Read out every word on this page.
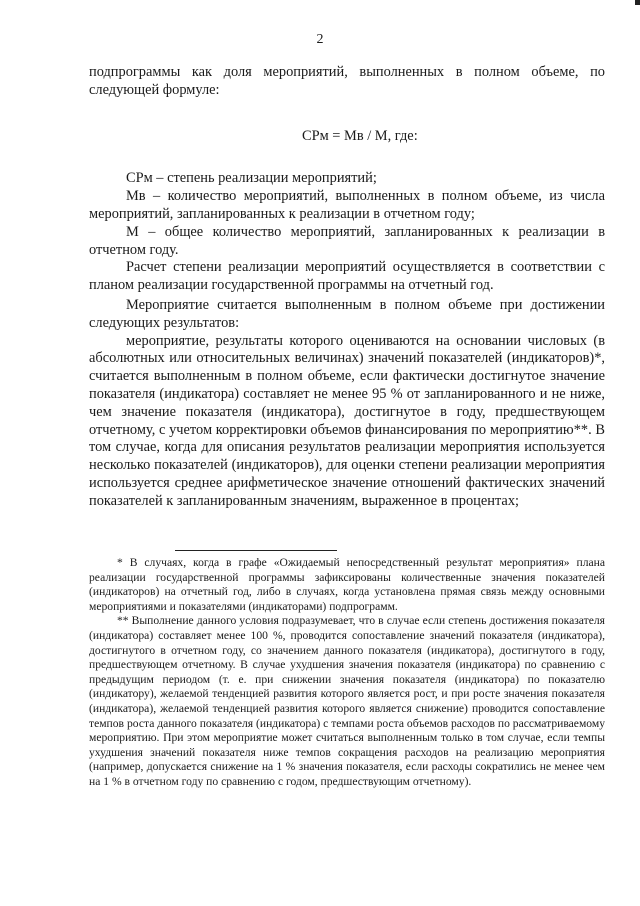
2

подпрограммы как доля мероприятий, выполненных в полном объеме, по следующей формуле:

СРм = Мв / М, где:

СРм – степень реализации мероприятий;

Мв – количество мероприятий, выполненных в полном объеме, из числа мероприятий, запланированных к реализации в отчетном году;

М – общее количество мероприятий, запланированных к реализации в отчетном году.

Расчет степени реализации мероприятий осуществляется в соответствии с планом реализации государственной программы на отчетный год.

Мероприятие считается выполненным в полном объеме при достижении следующих результатов:

мероприятие, результаты которого оцениваются на основании числовых (в абсолютных или относительных величинах) значений показателей (индикаторов)*, считается выполненным в полном объеме, если фактически достигнутое значение показателя (индикатора) составляет не менее 95 % от запланированного и не ниже, чем значение показателя (индикатора), достигнутое в году, предшествующем отчетному, с учетом корректировки объемов финансирования по мероприятию**. В том случае, когда для описания результатов реализации мероприятия используется несколько показателей (индикаторов), для оценки степени реализации мероприятия используется среднее арифметическое значение отношений фактических значений показателей к запланированным значениям, выраженное в процентах;

* В случаях, когда в графе «Ожидаемый непосредственный результат мероприятия» плана реализации государственной программы зафиксированы количественные значения показателей (индикаторов) на отчетный год, либо в случаях, когда установлена прямая связь между основными мероприятиями и показателями (индикаторами) подпрограмм.

** Выполнение данного условия подразумевает, что в случае если степень достижения показателя (индикатора) составляет менее 100 %, проводится сопоставление значений показателя (индикатора), достигнутого в отчетном году, со значением данного показателя (индикатора), достигнутого в году, предшествующем отчетному. В случае ухудшения значения показателя (индикатора) по сравнению с предыдущим периодом (т. е. при снижении значения показателя (индикатора) по показателю (индикатору), желаемой тенденцией развития которого является рост, и при росте значения показателя (индикатора), желаемой тенденцией развития которого является снижение) проводится сопоставление темпов роста данного показателя (индикатора) с темпами роста объемов расходов по рассматриваемому мероприятию. При этом мероприятие может считаться выполненным только в том случае, если темпы ухудшения значений показателя ниже темпов сокращения расходов на реализацию мероприятия (например, допускается снижение на 1 % значения показателя, если расходы сократились не менее чем на 1 % в отчетном году по сравнению с годом, предшествующим отчетному).
